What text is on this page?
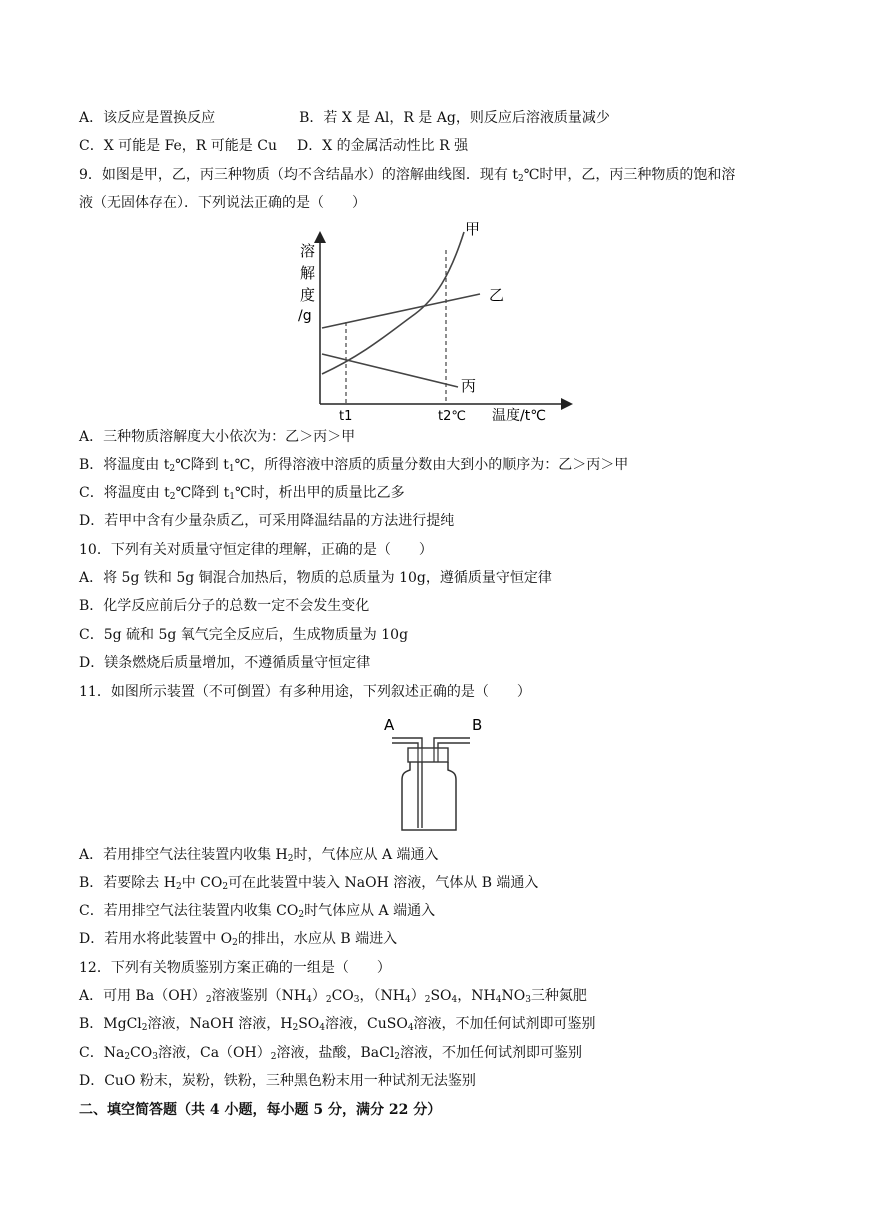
A．该反应是置换反应	B．若 X 是 Al，R 是 Ag，则反应后溶液质量减少
C．X 可能是 Fe，R 可能是 Cu D．X 的金属活动性比 R 强
9．如图是甲，乙，丙三种物质（均不含结晶水）的溶解曲线图．现有 $t_2℃$时甲，乙，丙三种物质的饱和溶
液（无固体存在）．下列说法正确的是（　　）
溶
解
度
/g
甲
乙
丙
t1	t2℃ 温度/t℃
A．三种物质溶解度大小依次为：乙＞丙＞甲
B．将温度由 $t_2℃$降到 $t_1℃$，所得溶液中溶质的质量分数由大到小的顺序为：乙＞丙＞甲
C．将温度由 $t_2℃$降到 $t_1℃$时，析出甲的质量比乙多
D．若甲中含有少量杂质乙，可采用降温结晶的方法进行提纯
10．下列有关对质量守恒定律的理解，正确的是（　　）
A．将 5g 铁和 5g 铜混合加热后，物质的总质量为 10g，遵循质量守恒定律
B．化学反应前后分子的总数一定不会发生变化
C．5g 硫和 5g 氧气完全反应后，生成物质量为 10g
D．镁条燃烧后质量增加，不遵循质量守恒定律
11．如图所示装置（不可倒置）有多种用途，下列叙述正确的是（　　）
A	B
A．若用排空气法往装置内收集 $H_2$时，气体应从 A 端通入
B．若要除去 $H_2$中 $CO_2$可在此装置中装入 NaOH 溶液，气体从 B 端通入
C．若用排空气法往装置内收集 $CO_2$时气体应从 A 端通入
D．若用水将此装置中 $O_2$的排出，水应从 B 端进入
12．下列有关物质鉴别方案正确的一组是（　　）
A．可用 $Ba(OH)_2$溶液鉴别$(NH_4)_2CO_3$，$(NH_4)_2SO_4$，$NH_4NO_3$三种氮肥
B．MgCl$_2$溶液，NaOH 溶液，$H_2SO_4$溶液，CuSO$_4$溶液，不加任何试剂即可鉴别
C．$Na_2CO_3$溶液，$Ca(OH)_2$溶液，盐酸，BaCl$_2$溶液，不加任何试剂即可鉴别
D．CuO 粉末，炭粉，铁粉，三种黑色粉末用一种试剂无法鉴别
二、填空简答题（共 4 小题，每小题 5 分，满分 22 分）
